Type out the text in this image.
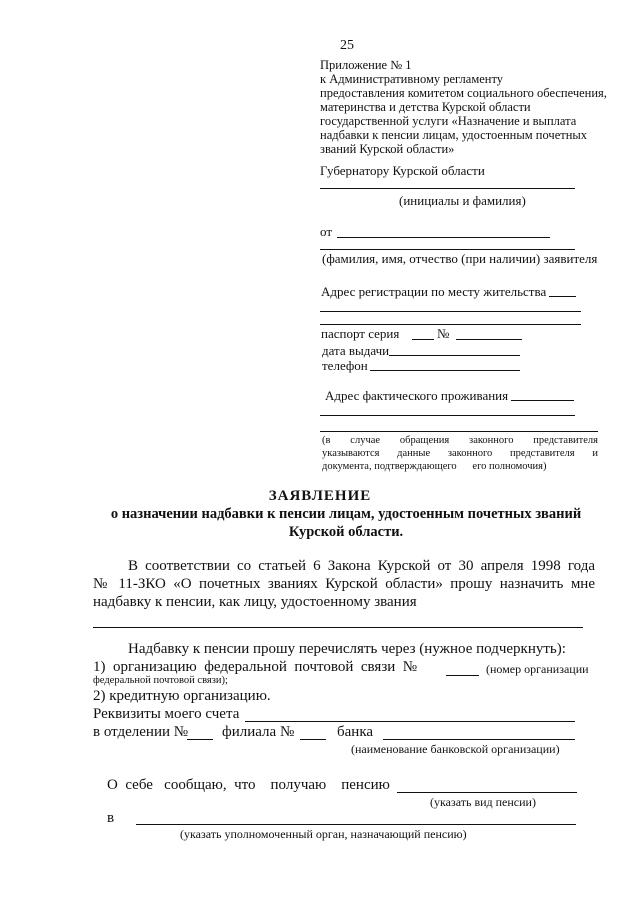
25
Приложение № 1
к Административному регламенту
предоставления комитетом социального обеспечения,
материнства и детства Курской области
государственной услуги «Назначение и выплата
надбавки к пенсии лицам, удостоенным почетных
званий Курской области»
Губернатору Курской области
(инициалы и фамилия)
от
(фамилия, имя, отчество (при наличии) заявителя
Адрес регистрации по месту жительства
паспорт серия	№
дата выдачи
телефон
Адрес фактического проживания
(в случае обращения законного представителя
указываются данные законного представителя и
документа, подтверждающего      его полномочия)
ЗАЯВЛЕНИЕ
о назначении надбавки к пенсии лицам, удостоенным почетных званий
Курской области.
В соответствии со статьей 6 Закона Курской от 30 апреля 1998 года
№ 11-ЗКО «О почетных званиях Курской области» прошу назначить мне
надбавку к пенсии, как лицу, удостоенному звания
Надбавку к пенсии прошу перечислять через (нужное подчеркнуть):
1)  организацию  федеральной  почтовой  связи  №	(номер организации
федеральной почтовой связи);
2) кредитную организацию.
Реквизиты моего счета
в отделении № филиала №	банка
(наименование банковской организации)
О  себе   сообщаю,  что    получаю    пенсию
(указать вид пенсии)
в
(указать уполномоченный орган, назначающий пенсию)
